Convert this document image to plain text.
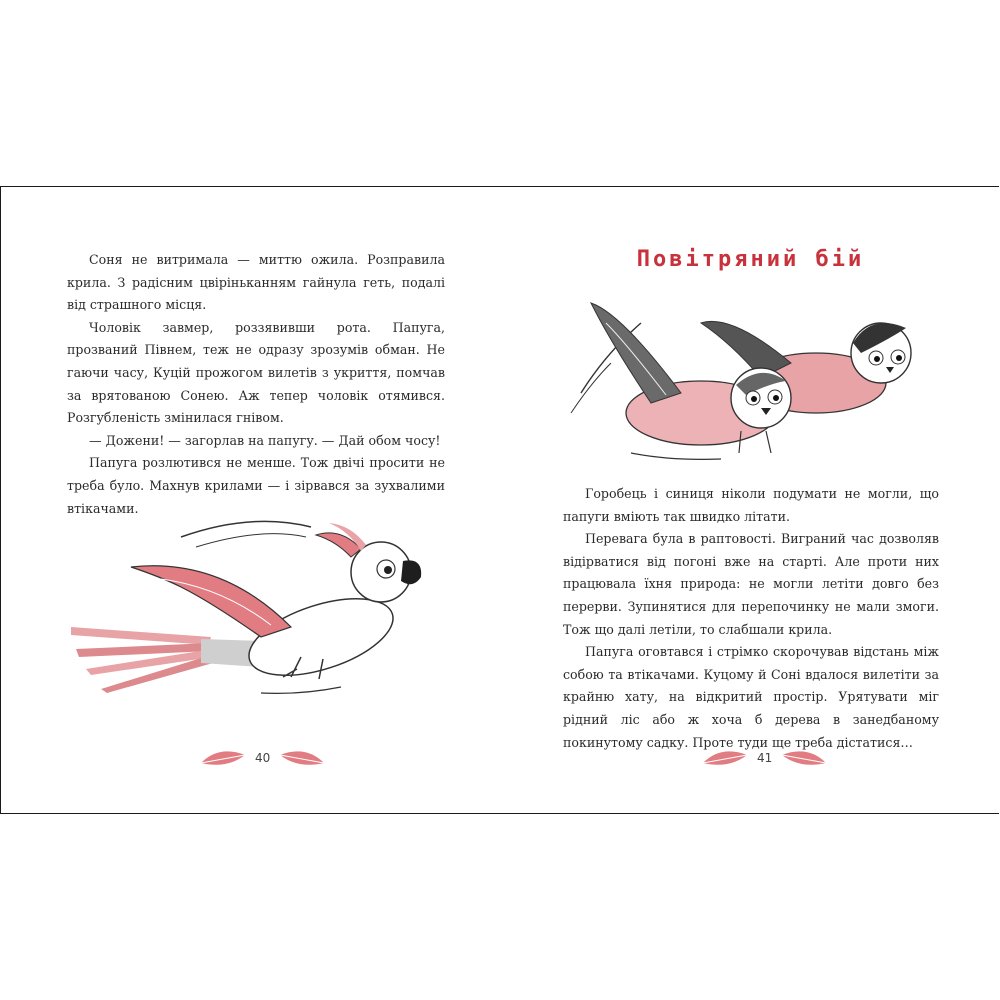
Соня не витримала — миттю ожила. Розправила крила. З радісним цвіріньканням гайнула геть, подалі від страшного місця.

Чоловік завмер, роззявивши рота. Папуга, прозваний Півнем, теж не одразу зрозумів обман. Не гаючи часу, Куцій прожогом вилетів з укриття, помчав за врятованою Сонею. Аж тепер чоловік отямився. Розгубленість змінилася гнівом.

— Дожени! — загорлав на папугу. — Дай обом чосу!

Папуга розлютився не менше. Тож двічі просити не треба було. Махнув крилами — і зірвався за зухвалими втікачами.

40
Повітряний бій

Горобець і синиця ніколи подумати не могли, що папуги вміють так швидко літати.

Перевага була в раптовості. Виграний час дозволяв відірватися від погоні вже на старті. Але проти них працювала їхня природа: не могли летіти довго без перерви. Зупинятися для перепочинку не мали змоги. Тож що далі летіли, то слабшали крила.

Папуга оговтався і стрімко скорочував відстань між собою та втікачами. Куцому й Соні вдалося вилетіти за крайню хату, на відкритий простір. Урятувати міг рідний ліс або ж хоча б дерева в занедбаному покинутому садку. Проте туди ще треба дістатися…

41
